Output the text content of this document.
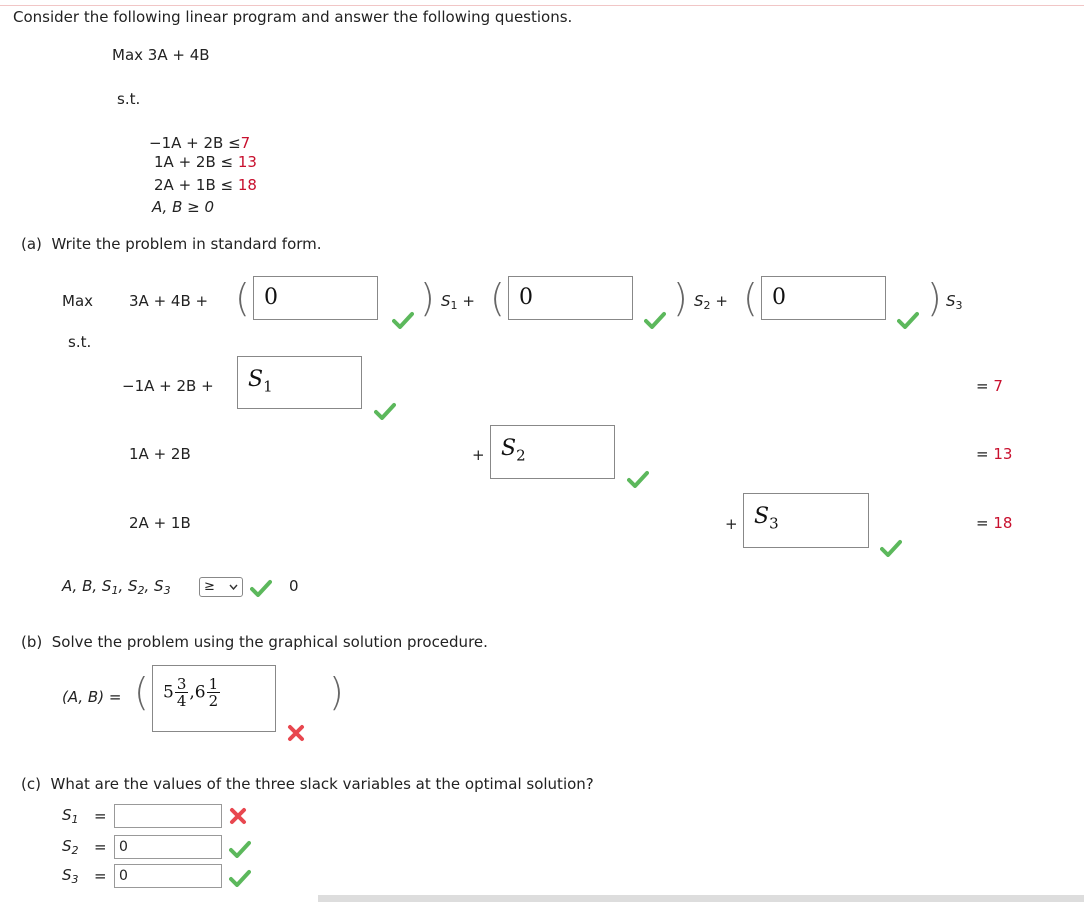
Consider the following linear program and answer the following questions.
Max 3A + 4B
s.t.
−1A + 2B ≤7
1A + 2B ≤ 13
2A + 1B ≤ 18
A, B ≥ 0
(a) Write the problem in standard form.
Max 3A + 4B + ( 0	) $S_1$ + ( 0	) $S_2$ + ( 0	) $S_3$
s.t.
−1A + 2B +	$S_1$	= 7
1A + 2B	+ $S_2$	= 13
2A + 1B	+ $S_3$	= 18
A, B, $S_1$, $S_2$, $S_3$	≥	0
(b) Solve the problem using the graphical solution procedure.
(A, B) = ( $5 \frac{3}{4} ,6 \frac{1}{2}$	)
(c) What are the values of the three slack variables at the optimal solution?
$S_1$ =
$S_2 = 0$
$S_3 = 0$
